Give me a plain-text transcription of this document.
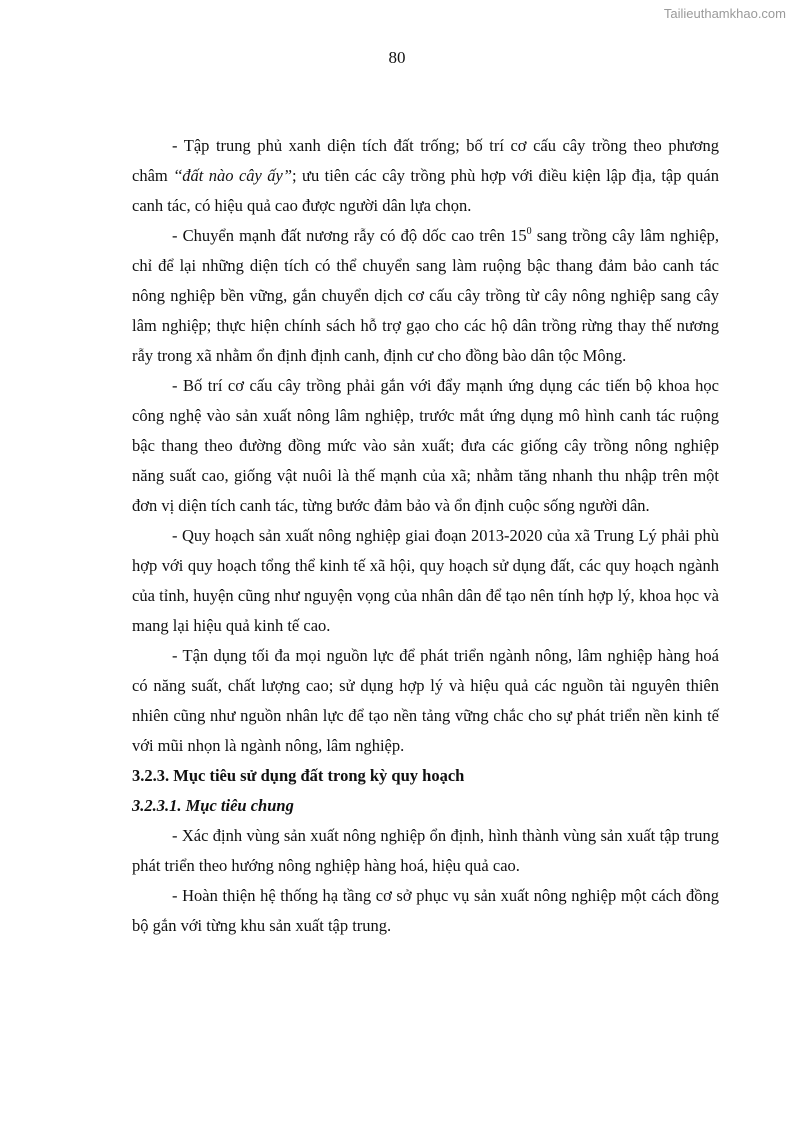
Tailieuthamkhao.com
80

- Tập trung phủ xanh diện tích đất trống; bố trí cơ cấu cây trồng theo phương châm ‘‘đất nào cây ấy”; ưu tiên các cây trồng phù hợp với điều kiện lập địa, tập quán canh tác, có hiệu quả cao được người dân lựa chọn.

- Chuyển mạnh đất nương rẫy có độ dốc cao trên $15^0$ sang trồng cây lâm nghiệp, chỉ để lại những diện tích có thể chuyển sang làm ruộng bậc thang đảm bảo canh tác nông nghiệp bền vững, gắn chuyển dịch cơ cấu cây trồng từ cây nông nghiệp sang cây lâm nghiệp; thực hiện chính sách hỗ trợ gạo cho các hộ dân trồng rừng thay thế nương rẫy trong xã nhằm ổn định định canh, định cư cho đồng bào dân tộc Mông.

- Bố trí cơ cấu cây trồng phải gắn với đẩy mạnh ứng dụng các tiến bộ khoa học công nghệ vào sản xuất nông lâm nghiệp, trước mắt ứng dụng mô hình canh tác ruộng bậc thang theo đường đồng mức vào sản xuất; đưa các giống cây trồng nông nghiệp năng suất cao, giống vật nuôi là thế mạnh của xã; nhằm tăng nhanh thu nhập trên một đơn vị diện tích canh tác, từng bước đảm bảo và ổn định cuộc sống người dân.

- Quy hoạch sản xuất nông nghiệp giai đoạn 2013-2020 của xã Trung Lý phải phù hợp với quy hoạch tổng thể kinh tế xã hội, quy hoạch sử dụng đất, các quy hoạch ngành của tỉnh, huyện cũng như nguyện vọng của nhân dân để tạo nên tính hợp lý, khoa học và mang lại hiệu quả kinh tế cao.

- Tận dụng tối đa mọi nguồn lực để phát triển ngành nông, lâm nghiệp hàng hoá có năng suất, chất lượng cao; sử dụng hợp lý và hiệu quả các nguồn tài nguyên thiên nhiên cũng như nguồn nhân lực để tạo nền tảng vững chắc cho sự phát triển nền kinh tế với mũi nhọn là ngành nông, lâm nghiệp.

3.2.3. Mục tiêu sử dụng đất trong kỳ quy hoạch

3.2.3.1. Mục tiêu chung

- Xác định vùng sản xuất nông nghiệp ổn định, hình thành vùng sản xuất tập trung phát triển theo hướng nông nghiệp hàng hoá, hiệu quả cao.

- Hoàn thiện hệ thống hạ tầng cơ sở phục vụ sản xuất nông nghiệp một cách đồng bộ gắn với từng khu sản xuất tập trung.
